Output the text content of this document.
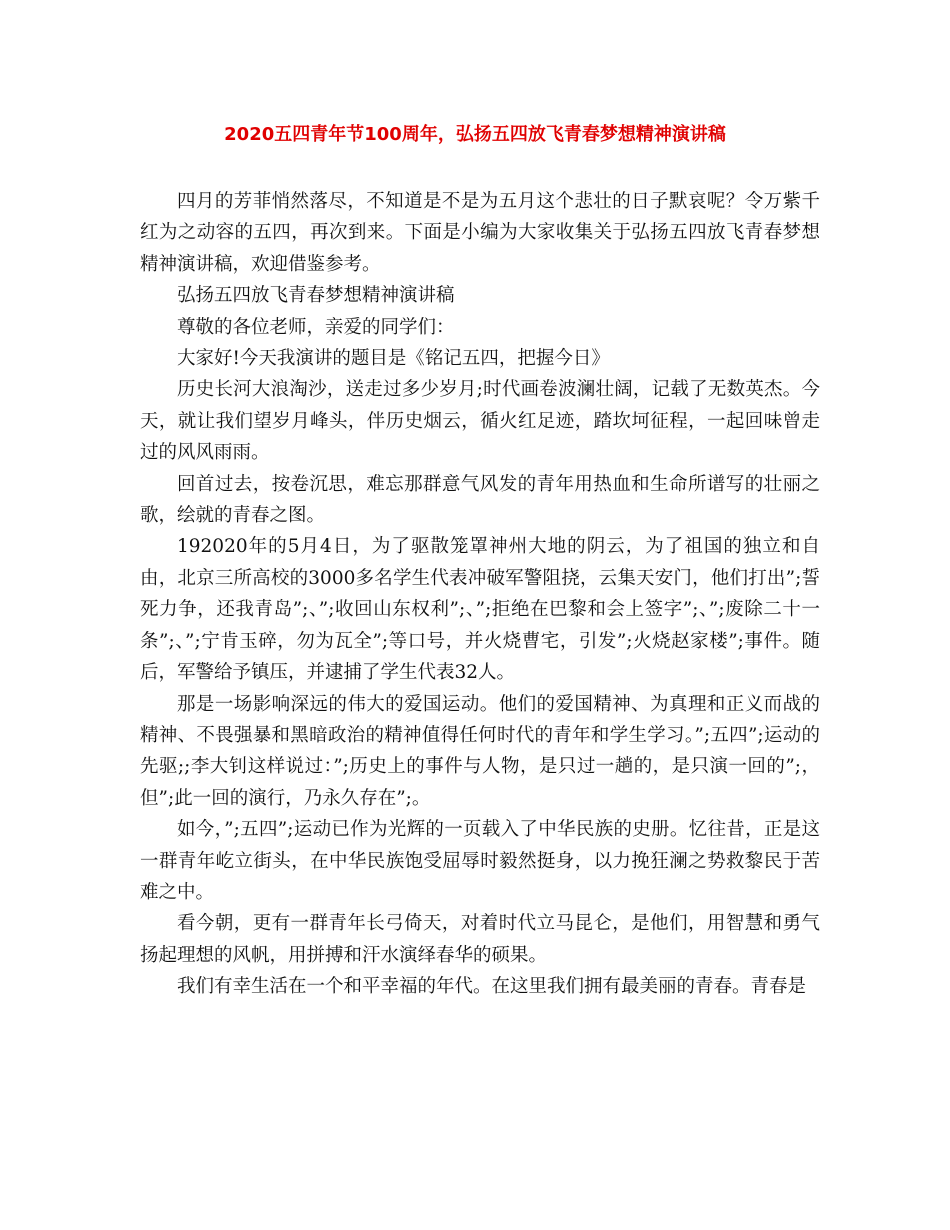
2020五四青年节100周年，弘扬五四放飞青春梦想精神演讲稿

四月的芳菲悄然落尽，不知道是不是为五月这个悲壮的日子默哀呢？令万紫千红为之动容的五四，再次到来。下面是小编为大家收集关于弘扬五四放飞青春梦想精神演讲稿，欢迎借鉴参考。

弘扬五四放飞青春梦想精神演讲稿

尊敬的各位老师，亲爱的同学们：

大家好!今天我演讲的题目是《铭记五四，把握今日》

历史长河大浪淘沙，送走过多少岁月;时代画卷波澜壮阔，记载了无数英杰。今天，就让我们望岁月峰头，伴历史烟云，循火红足迹，踏坎坷征程，一起回味曾走过的风风雨雨。

回首过去，按卷沉思，难忘那群意气风发的青年用热血和生命所谱写的壮丽之歌，绘就的青春之图。

192020年的5月4日，为了驱散笼罩神州大地的阴云，为了祖国的独立和自由，北京三所高校的3000多名学生代表冲破军警阻挠，云集天安门，他们打出”;誓死力争，还我青岛”;、”;收回山东权利”;、”;拒绝在巴黎和会上签字”;、”;废除二十一条”;、”;宁肯玉碎，勿为瓦全”;等口号，并火烧曹宅，引发”;火烧赵家楼”;事件。随后，军警给予镇压，并逮捕了学生代表32人。

那是一场影响深远的伟大的爱国运动。他们的爱国精神、为真理和正义而战的精神、不畏强暴和黑暗政治的精神值得任何时代的青年和学生学习。”;五四”;运动的先驱;;李大钊这样说过：”;历史上的事件与人物，是只过一趟的，是只演一回的”;，但”;此一回的演行，乃永久存在”;。

如今，”;五四”;运动已作为光辉的一页载入了中华民族的史册。忆往昔，正是这一群青年屹立街头，在中华民族饱受屈辱时毅然挺身，以力挽狂澜之势救黎民于苦难之中。

看今朝，更有一群青年长弓倚天，对着时代立马昆仑，是他们，用智慧和勇气扬起理想的风帆，用拼搏和汗水演绎春华的硕果。

我们有幸生活在一个和平幸福的年代。在这里我们拥有最美丽的青春。青春是
